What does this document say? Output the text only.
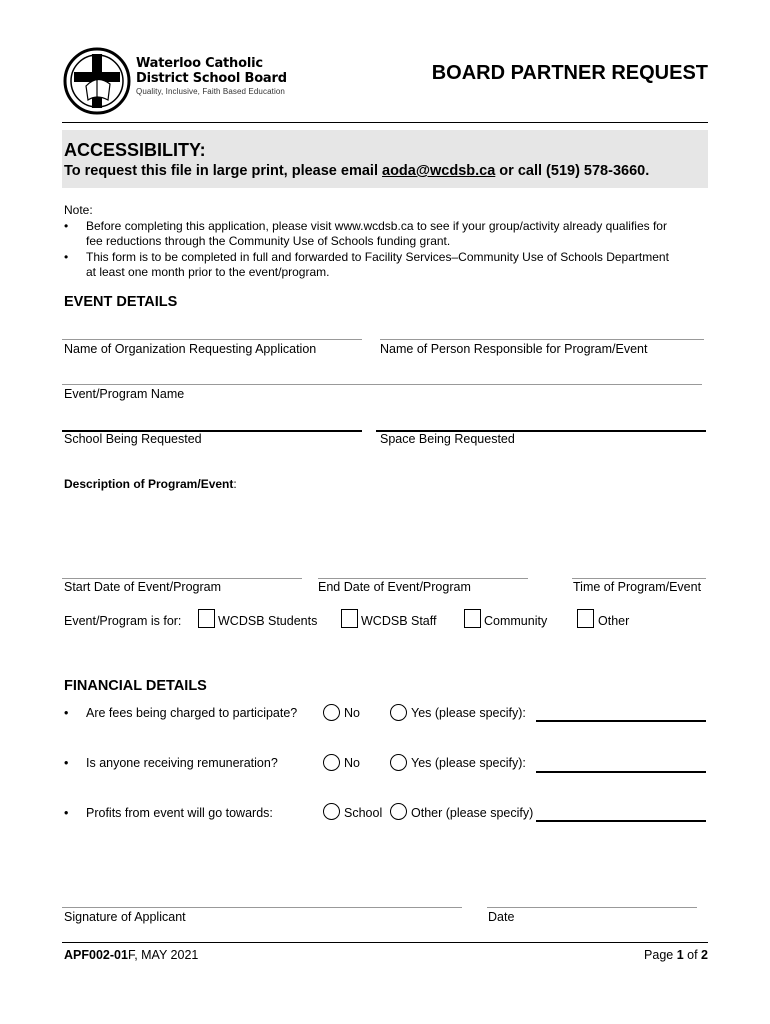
Waterloo Catholic
District School Board
Quality, Inclusive, Faith Based Education
BOARD PARTNER REQUEST
ACCESSIBILITY:
To request this file in large print, please email aoda@wcdsb.ca or call (519) 578-3660.
Note:
• Before completing this application, please visit www.wcdsb.ca to see if your group/activity already qualifies for
fee reductions through the Community Use of Schools funding grant.
• This form is to be completed in full and forwarded to Facility Services–Community Use of Schools Department
at least one month prior to the event/program.
EVENT DETAILS
Name of Organization Requesting Application	Name of Person Responsible for Program/Event
Event/Program Name
School Being Requested	Space Being Requested
Description of Program/Event:
Start Date of Event/Program	End Date of Event/Program	Time of Program/Event
Event/Program is for:	WCDSB Students	WCDSB Staff	Community	Other
FINANCIAL DETAILS
• Are fees being charged to participate?	No	Yes (please specify):
• Is anyone receiving remuneration?	No	Yes (please specify):
• Profits from event will go towards:	School Other (please specify)
Signature of Applicant	Date
APF002-01F, MAY 2021	Page 1 of 2
